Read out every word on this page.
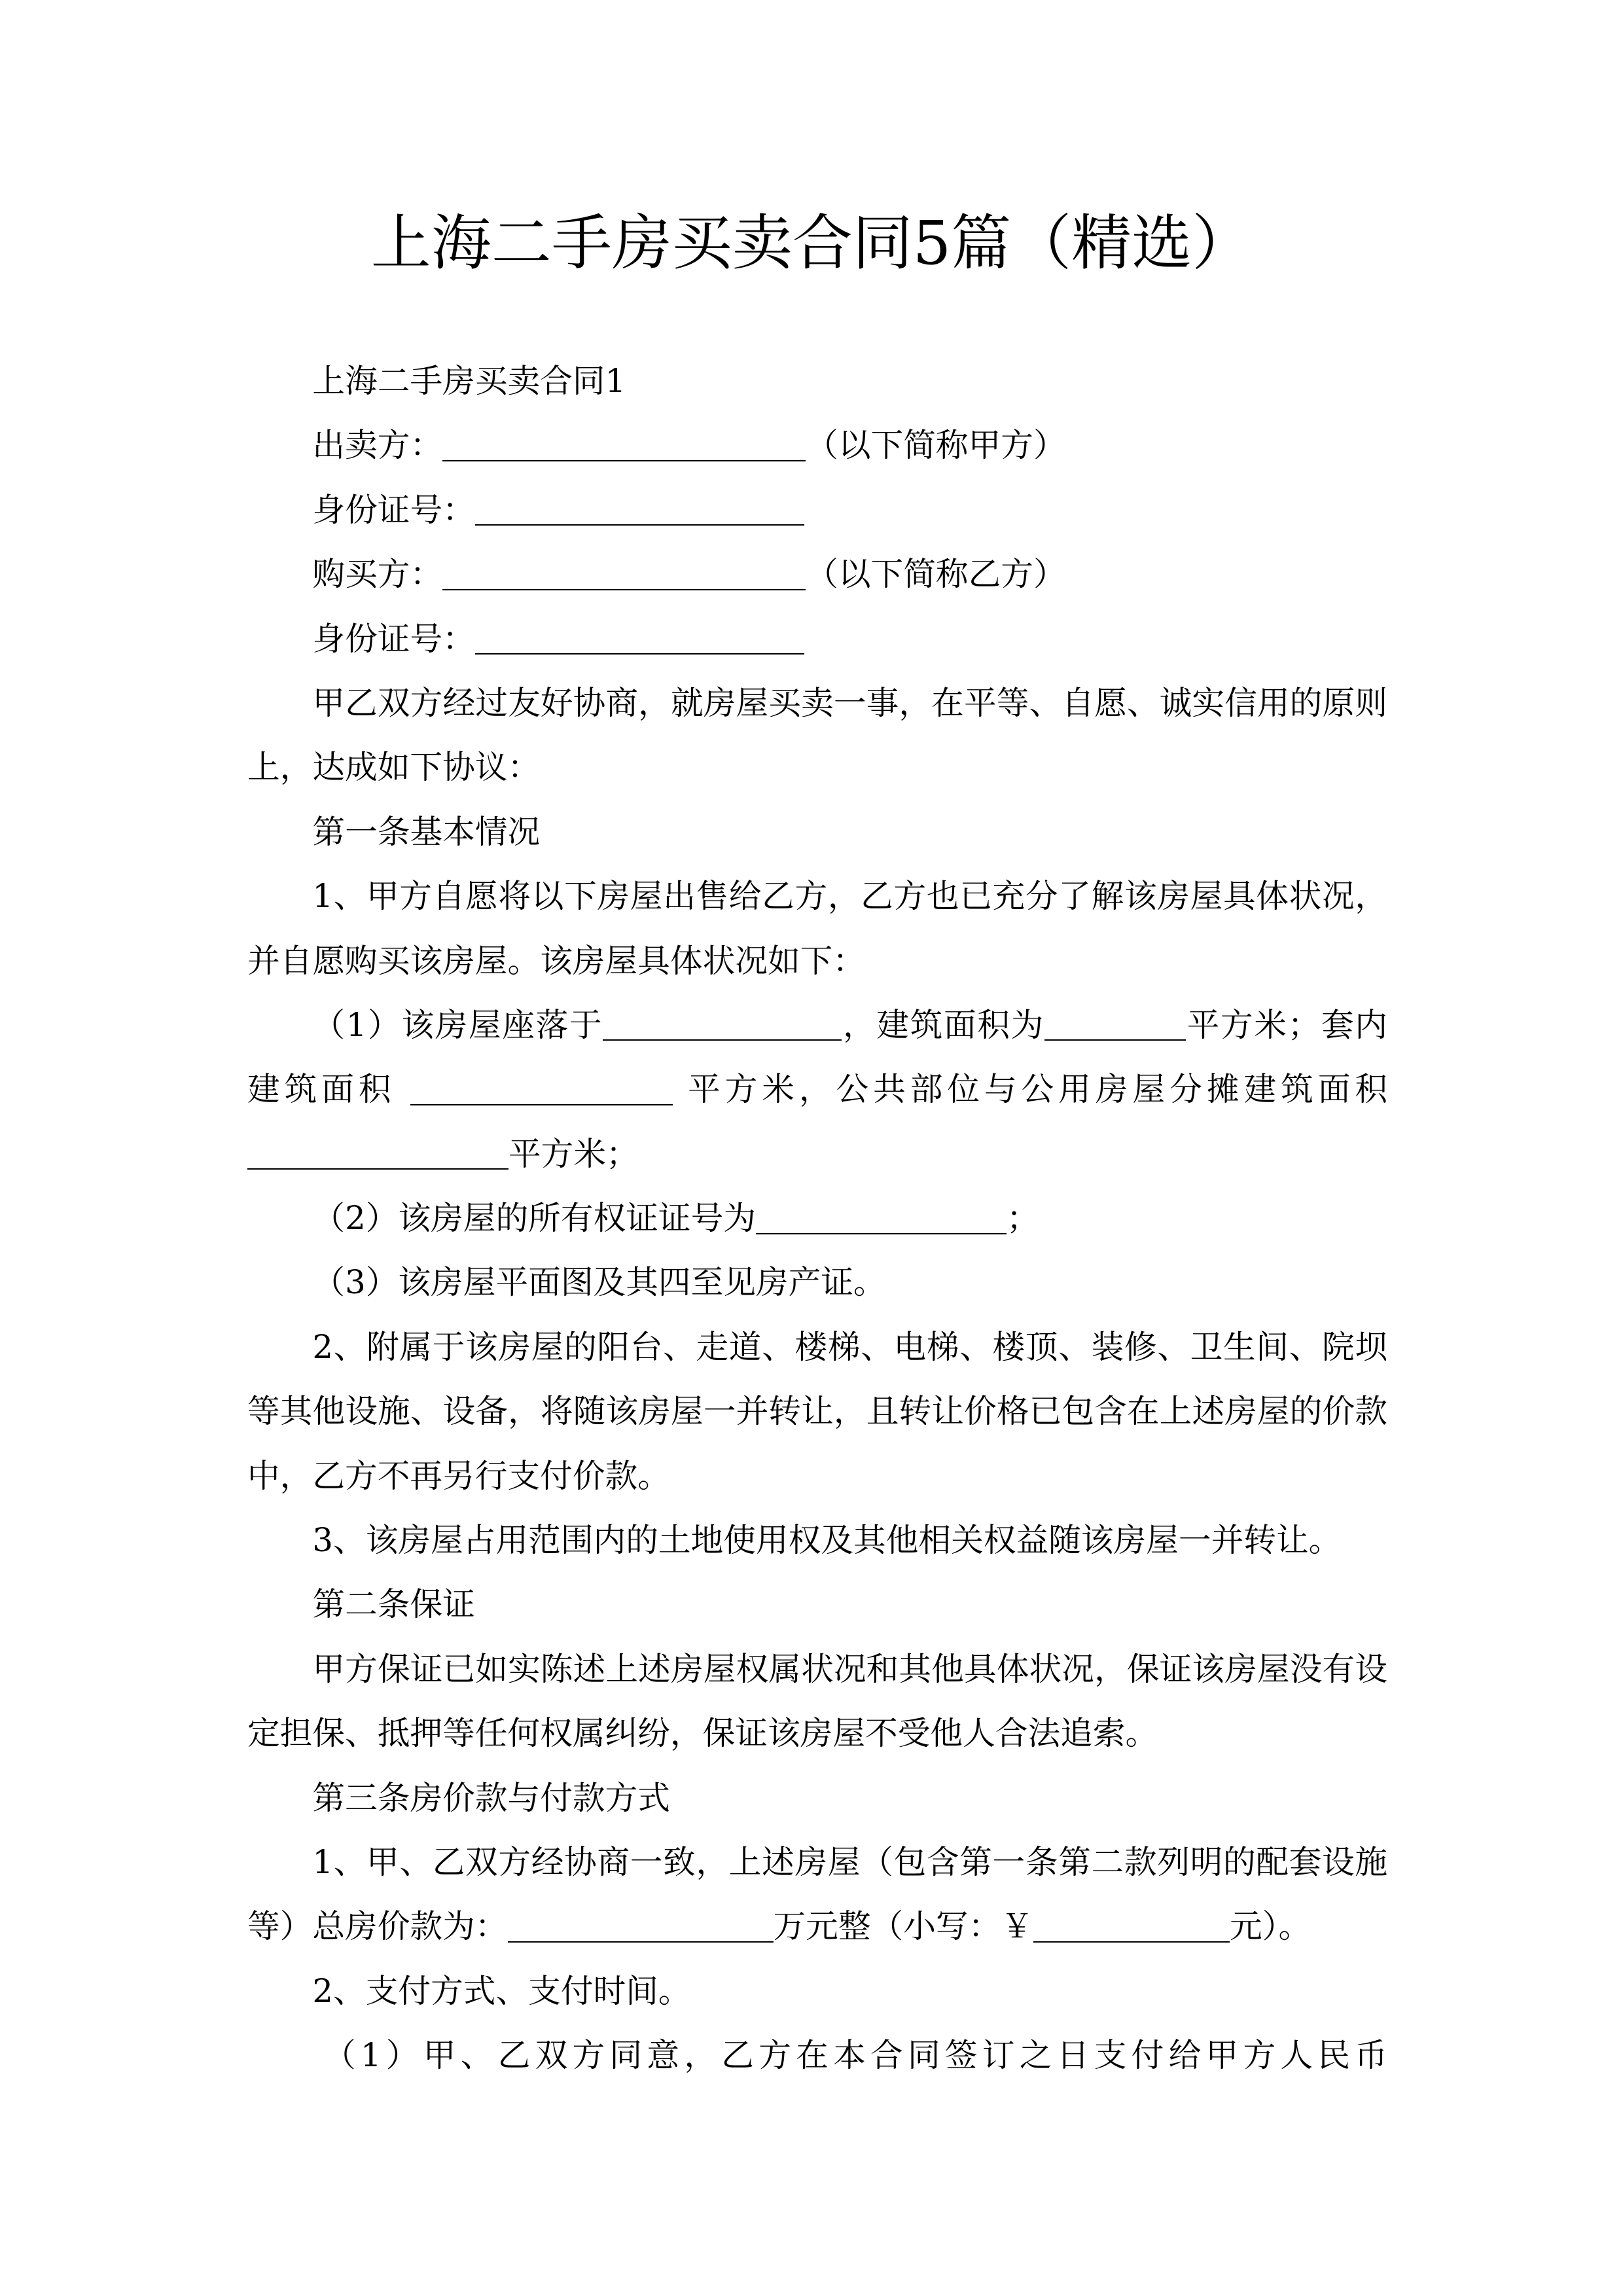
上海二手房买卖合同5篇（精选）
上海二手房买卖合同1
出卖方：	（以下简称甲方）
身份证号：
购买方：	（以下简称乙方）
身份证号：
甲乙双方经过友好协商，就房屋买卖一事，在平等、自愿、诚实信用的原则
上，达成如下协议：
第一条基本情况
1、甲方自愿将以下房屋出售给乙方，乙方也已充分了解该房屋具体状况，
并自愿购买该房屋。该房屋具体状况如下：
（1）该房屋座落于	，建筑面积为	平方米；套内
建筑面积	平方米，公共部位与公用房屋分摊建筑面积
平方米；
（2）该房屋的所有权证证号为	；
（3）该房屋平面图及其四至见房产证。
2、附属于该房屋的阳台、走道、楼梯、电梯、楼顶、装修、卫生间、院坝
等其他设施、设备，将随该房屋一并转让，且转让价格已包含在上述房屋的价款
中，乙方不再另行支付价款。
3、该房屋占用范围内的土地使用权及其他相关权益随该房屋一并转让。
第二条保证
甲方保证已如实陈述上述房屋权属状况和其他具体状况，保证该房屋没有设
定担保、抵押等任何权属纠纷，保证该房屋不受他人合法追索。
第三条房价款与付款方式
1、甲、乙双方经协商一致，上述房屋（包含第一条第二款列明的配套设施
等）总房价款为：	万元整（小写：￥	元）。
2、支付方式、支付时间。
（1）甲、乙双方同意，乙方在本合同签订之日支付给甲方人民币
